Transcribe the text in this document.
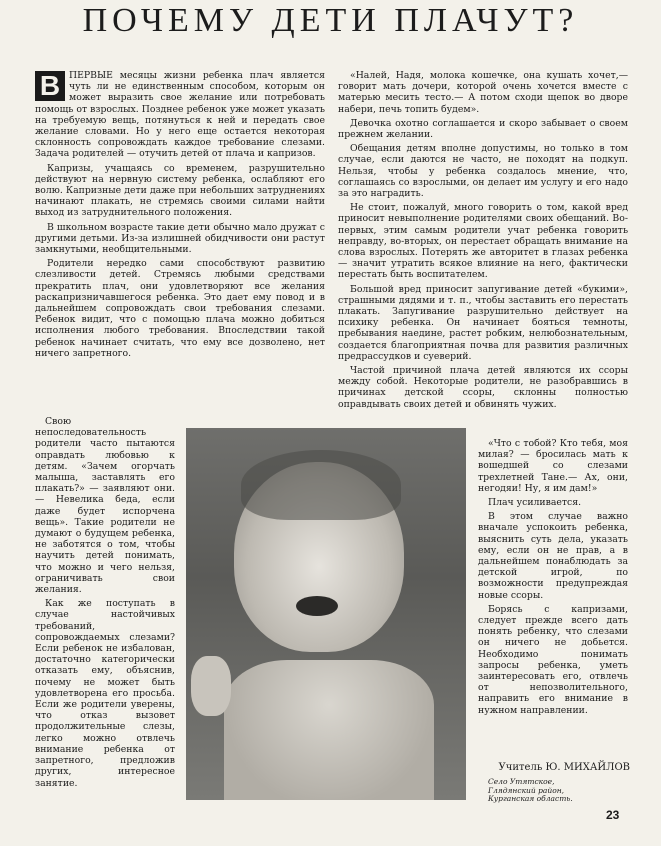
ПОЧЕМУ ДЕТИ ПЛАЧУТ?

В ПЕРВЫЕ месяцы жизни ребенка плач является чуть ли не единственным способом, которым он может выразить свое желание или потребовать помощь от взрослых. Позднее ребенок уже может указать на требуемую вещь, потянуться к ней и передать свое желание словами. Но у него еще остается некоторая склонность сопровождать каждое требование слезами. Задача родителей — отучить детей от плача и капризов.

Капризы, учащаясь со временем, разрушительно действуют на нервную систему ребенка, ослабляют его волю. Капризные дети даже при небольших затруднениях начинают плакать, не стремясь своими силами найти выход из затруднительного положения.

В школьном возрасте такие дети обычно мало дружат с другими детьми. Из-за излишней обидчивости они растут замкнутыми, необщительными.

Родители нередко сами способствуют развитию слезливости детей. Стремясь любыми средствами прекратить плач, они удовлетворяют все желания раскапризничавшегося ребенка. Это дает ему повод и в дальнейшем сопровождать свои требования слезами. Ребенок видит, что с помощью плача можно добиться исполнения любого требования. Впоследствии такой ребенок начинает считать, что ему все дозволено, нет ничего запретного.

«Налей, Надя, молока кошечке, она кушать хочет,— говорит мать дочери, которой очень хочется вместе с матерью месить тесто.— А потом сходи щепок во дворе набери, печь топить будем».

Девочка охотно соглашается и скоро забывает о своем прежнем желании.

Обещания детям вполне допустимы, но только в том случае, если даются не часто, не походят на подкуп. Нельзя, чтобы у ребенка создалось мнение, что, соглашаясь со взрослыми, он делает им услугу и его надо за это наградить.

Не стоит, пожалуй, много говорить о том, какой вред приносит невыполнение родителями своих обещаний. Во-первых, этим самым родители учат ребенка говорить неправду, во-вторых, он перестает обращать внимание на слова взрослых. Потерять же авторитет в глазах ребенка — значит утратить всякое влияние на него, фактически перестать быть воспитателем.

Большой вред приносит запугивание детей «букими», страшными дядями и т. п., чтобы заставить его перестать плакать. Запугивание разрушительно действует на психику ребенка. Он начинает бояться темноты, пребывания наедине, растет робким, нелюбознательным, создается благоприятная почва для развития различных предрассудков и суеверий.

Частой причиной плача детей являются их ссоры между собой. Некоторые родители, не разобравшись в причинах детской ссоры, склонны полностью оправдывать своих детей и обвинять чужих.

Свою непоследовательность родители часто пытаются оправдать любовью к детям. «Зачем огорчать малыша, заставлять его плакать?» — заявляют они. — Невелика беда, если даже будет испорчена вещь». Такие родители не думают о будущем ребенка, не заботятся о том, чтобы научить детей понимать, что можно и чего нельзя, ограничивать свои желания.

Как же поступать в случае настойчивых требований, сопровождаемых слезами? Если ребенок не избалован, достаточно категорически отказать ему, объяснив, почему не может быть удовлетворена его просьба. Если же родители уверены, что отказ вызовет продолжительные слезы, легко можно отвлечь внимание ребенка от запретного, предложив других, интересное занятие.

«Что с тобой? Кто тебя, моя милая? — бросилась мать к вошедшей со слезами трехлетней Тане.— Ах, они, негодяи! Ну, я им дам!»

Плач усиливается.

В этом случае важно вначале успокоить ребенка, выяснить суть дела, указать ему, если он не прав, а в дальнейшем понаблюдать за детской игрой, по возможности предупреждая новые ссоры.

Борясь с капризами, следует прежде всего дать понять ребенку, что слезами он ничего не добьется. Необходимо понимать запросы ребенка, уметь заинтересовать его, отвлечь от непозволительного, направить его внимание в нужном направлении.

Учитель Ю. МИХАЙЛОВ
Село Утятское,
Глядянский район,
Курганская область.
23
